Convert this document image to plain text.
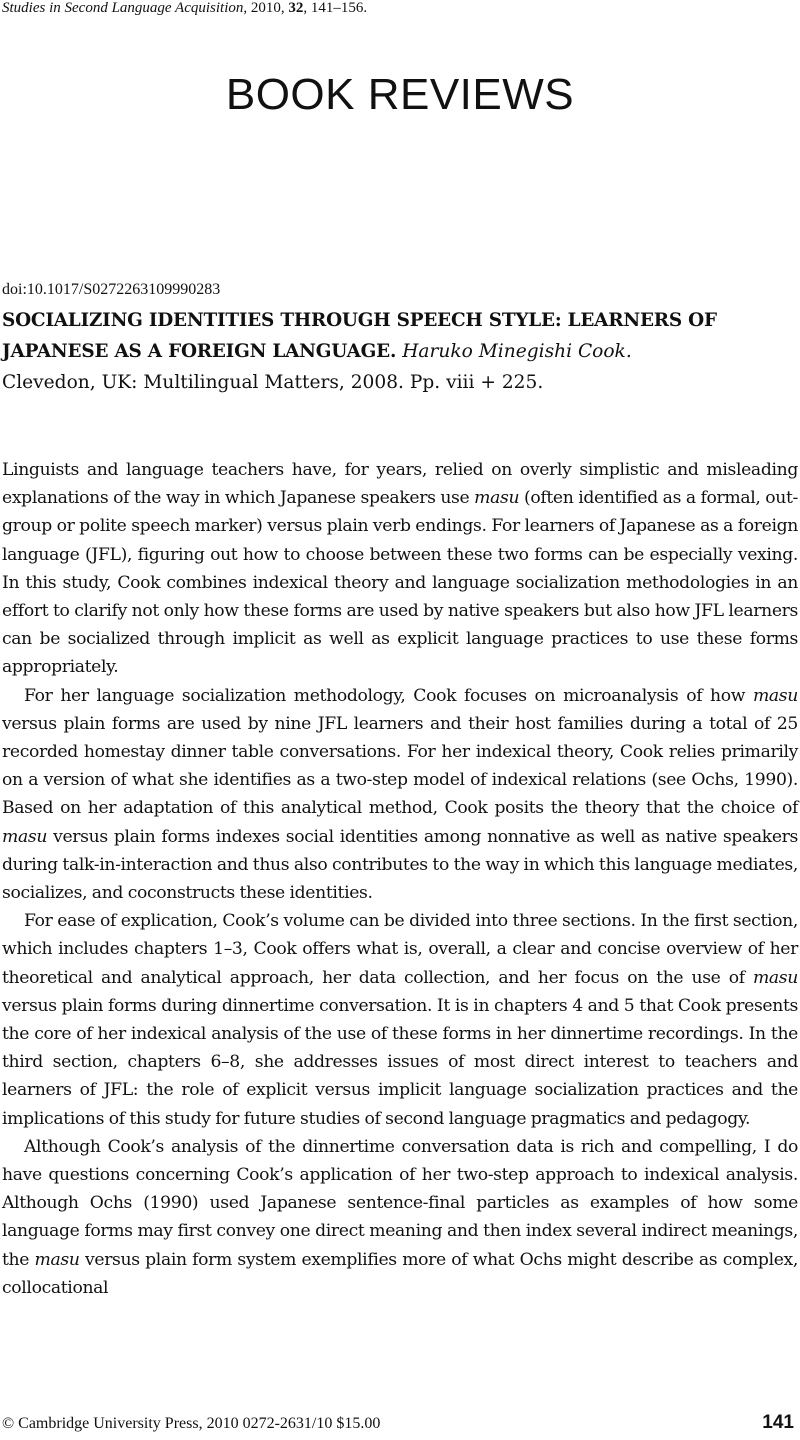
Studies in Second Language Acquisition, 2010, 32, 141–156.
BOOK REVIEWS
doi:10.1017/S0272263109990283
SOCIALIZING IDENTITIES THROUGH SPEECH STYLE: LEARNERS OF JAPANESE AS A FOREIGN LANGUAGE. Haruko Minegishi Cook.
Clevedon, UK: Multilingual Matters, 2008. Pp. viii + 225.

Linguists and language teachers have, for years, relied on overly simplistic and misleading explanations of the way in which Japanese speakers use masu (often identified as a formal, out-group or polite speech marker) versus plain verb endings. For learners of Japanese as a foreign language (JFL), figuring out how to choose between these two forms can be especially vexing. In this study, Cook combines indexical theory and language socialization methodologies in an effort to clarify not only how these forms are used by native speakers but also how JFL learners can be socialized through implicit as well as explicit language practices to use these forms appropriately.

For her language socialization methodology, Cook focuses on microanalysis of how masu versus plain forms are used by nine JFL learners and their host families during a total of 25 recorded homestay dinner table conversations. For her indexical theory, Cook relies primarily on a version of what she identifies as a two-step model of indexical relations (see Ochs, 1990). Based on her adaptation of this analytical method, Cook posits the theory that the choice of masu versus plain forms indexes social identities among nonnative as well as native speakers during talk-in-interaction and thus also contributes to the way in which this language mediates, socializes, and coconstructs these identities.

For ease of explication, Cook’s volume can be divided into three sections. In the first section, which includes chapters 1–3, Cook offers what is, overall, a clear and concise overview of her theoretical and analytical approach, her data collection, and her focus on the use of masu versus plain forms during dinnertime conversation. It is in chapters 4 and 5 that Cook presents the core of her indexical analysis of the use of these forms in her dinnertime recordings. In the third section, chapters 6–8, she addresses issues of most direct interest to teachers and learners of JFL: the role of explicit versus implicit language socialization practices and the implications of this study for future studies of second language pragmatics and pedagogy.

Although Cook’s analysis of the dinnertime conversation data is rich and compelling, I do have questions concerning Cook’s application of her two-step approach to indexical analysis. Although Ochs (1990) used Japanese sentence-final particles as examples of how some language forms may first convey one direct meaning and then index several indirect meanings, the masu versus plain form system exemplifies more of what Ochs might describe as complex, collocational

© Cambridge University Press, 2010 0272-2631/10 $15.00	141
